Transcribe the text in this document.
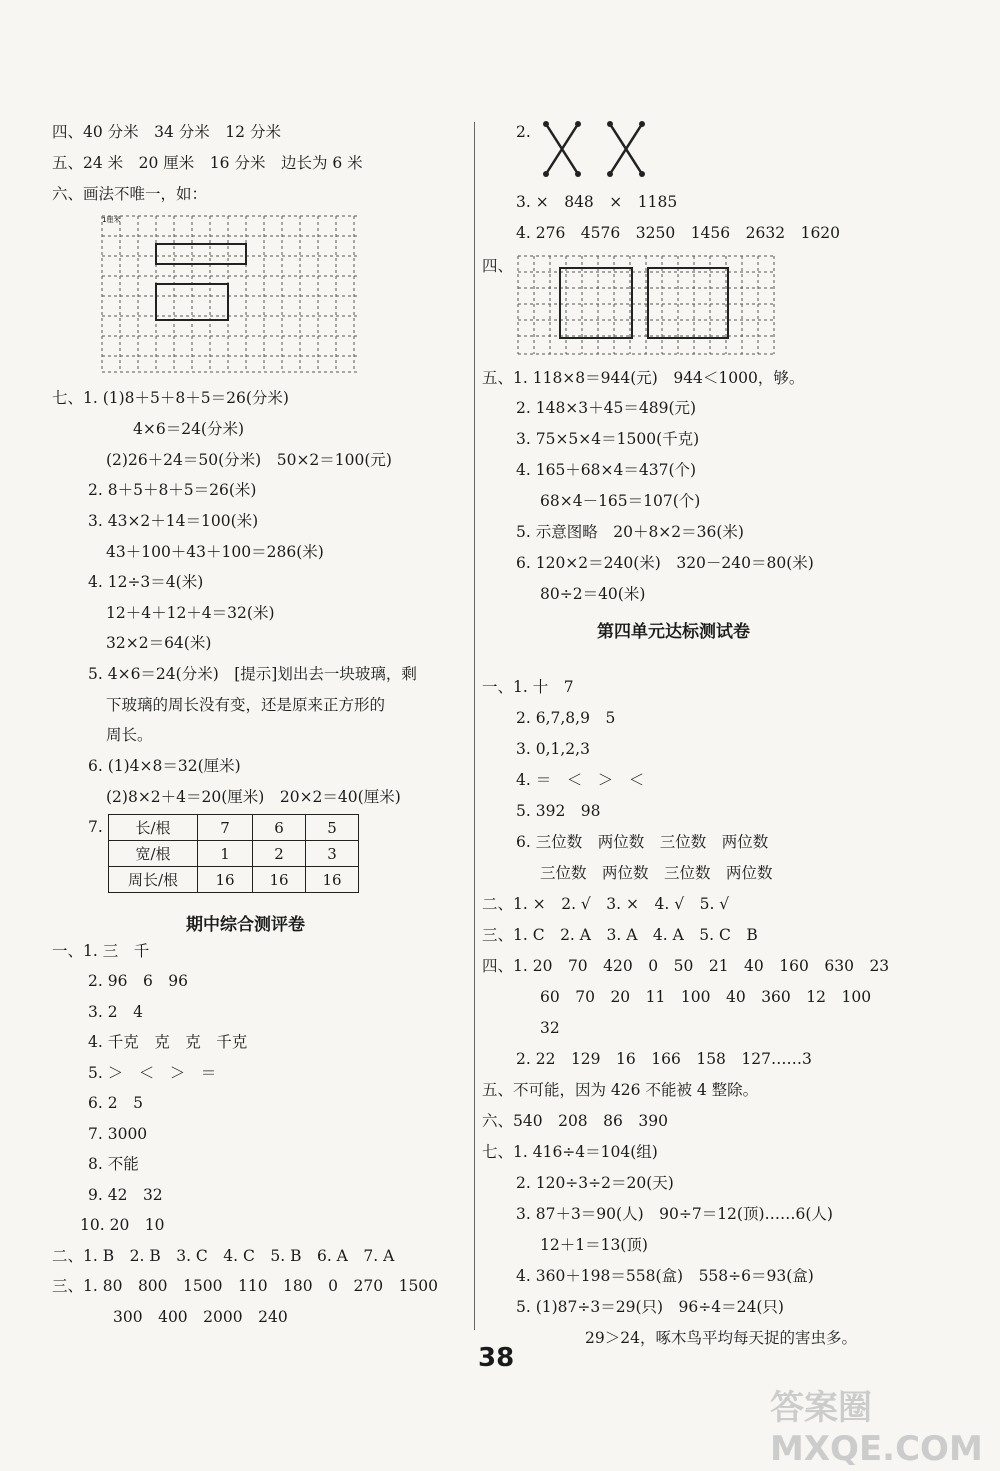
四、40 分米　34 分米　12 分米
五、24 米　20 厘米　16 分米　边长为 6 米
六、画法不唯一，如：
1厘米
七、1. (1)8＋5＋8＋5＝26(分米)
4×6＝24(分米)
(2)26＋24＝50(分米)　50×2＝100(元)
2. 8＋5＋8＋5＝26(米)
3. 43×2＋14＝100(米)
43＋100＋43＋100＝286(米)
4. 12÷3＝4(米)
12＋4＋12＋4＝32(米)
32×2＝64(米)
5. 4×6＝24(分米)　[提示]划出去一块玻璃，剩
下玻璃的周长没有变，还是原来正方形的
周长。
6. (1)4×8＝32(厘米)
(2)8×2＋4＝20(厘米)　20×2＝40(厘米)
7. 长/根	7	6	5
宽/根	1	2	3
周长/根	16	16	16
期中综合测评卷
一、1. 三　千
2. 96　6　96
3. 2　4
4. 千克　克　克　千克
5. ＞　＜　＞　＝
6. 2　5
7. 3000
8. 不能
9. 42　32
10. 20　10
二、1. B　2. B　3. C　4. C　5. B　6. A　7. A
三、1. 80　800　1500　110　180　0　270　1500
300　400　2000　240
2.
3. ×　848　×　1185
4. 276　4576　3250　1456　2632　1620
四、
五、1. 118×8＝944(元)　944＜1000，够。
2. 148×3＋45＝489(元)
3. 75×5×4＝1500(千克)
4. 165＋68×4＝437(个)
68×4－165＝107(个)
5. 示意图略　20＋8×2＝36(米)
6. 120×2＝240(米)　320－240＝80(米)
80÷2＝40(米)
第四单元达标测试卷
一、1. 十　7
2. 6,7,8,9　5
3. 0,1,2,3
4. ＝　＜　＞　＜
5. 392　98
6. 三位数　两位数　三位数　两位数
三位数　两位数　三位数　两位数
二、1. ×　2. √　3. ×　4. √　5. √
三、1. C　2. A　3. A　4. A　5. C　B
四、1. 20　70　420　0　50　21　40　160　630　23
60　70　20　11　100　40　360　12　100
32
2. 22　129　16　166　158　127……3
五、不可能，因为 426 不能被 4 整除。
六、540　208　86　390
七、1. 416÷4＝104(组)
2. 120÷3÷2＝20(天)
3. 87＋3＝90(人)　90÷7＝12(顶)……6(人)
12＋1＝13(顶)
4. 360＋198＝558(盒)　558÷6＝93(盒)
5. (1)87÷3＝29(只)　96÷4＝24(只)
29＞24，啄木鸟平均每天捉的害虫多。
38
答案圈 MXQE.COM
